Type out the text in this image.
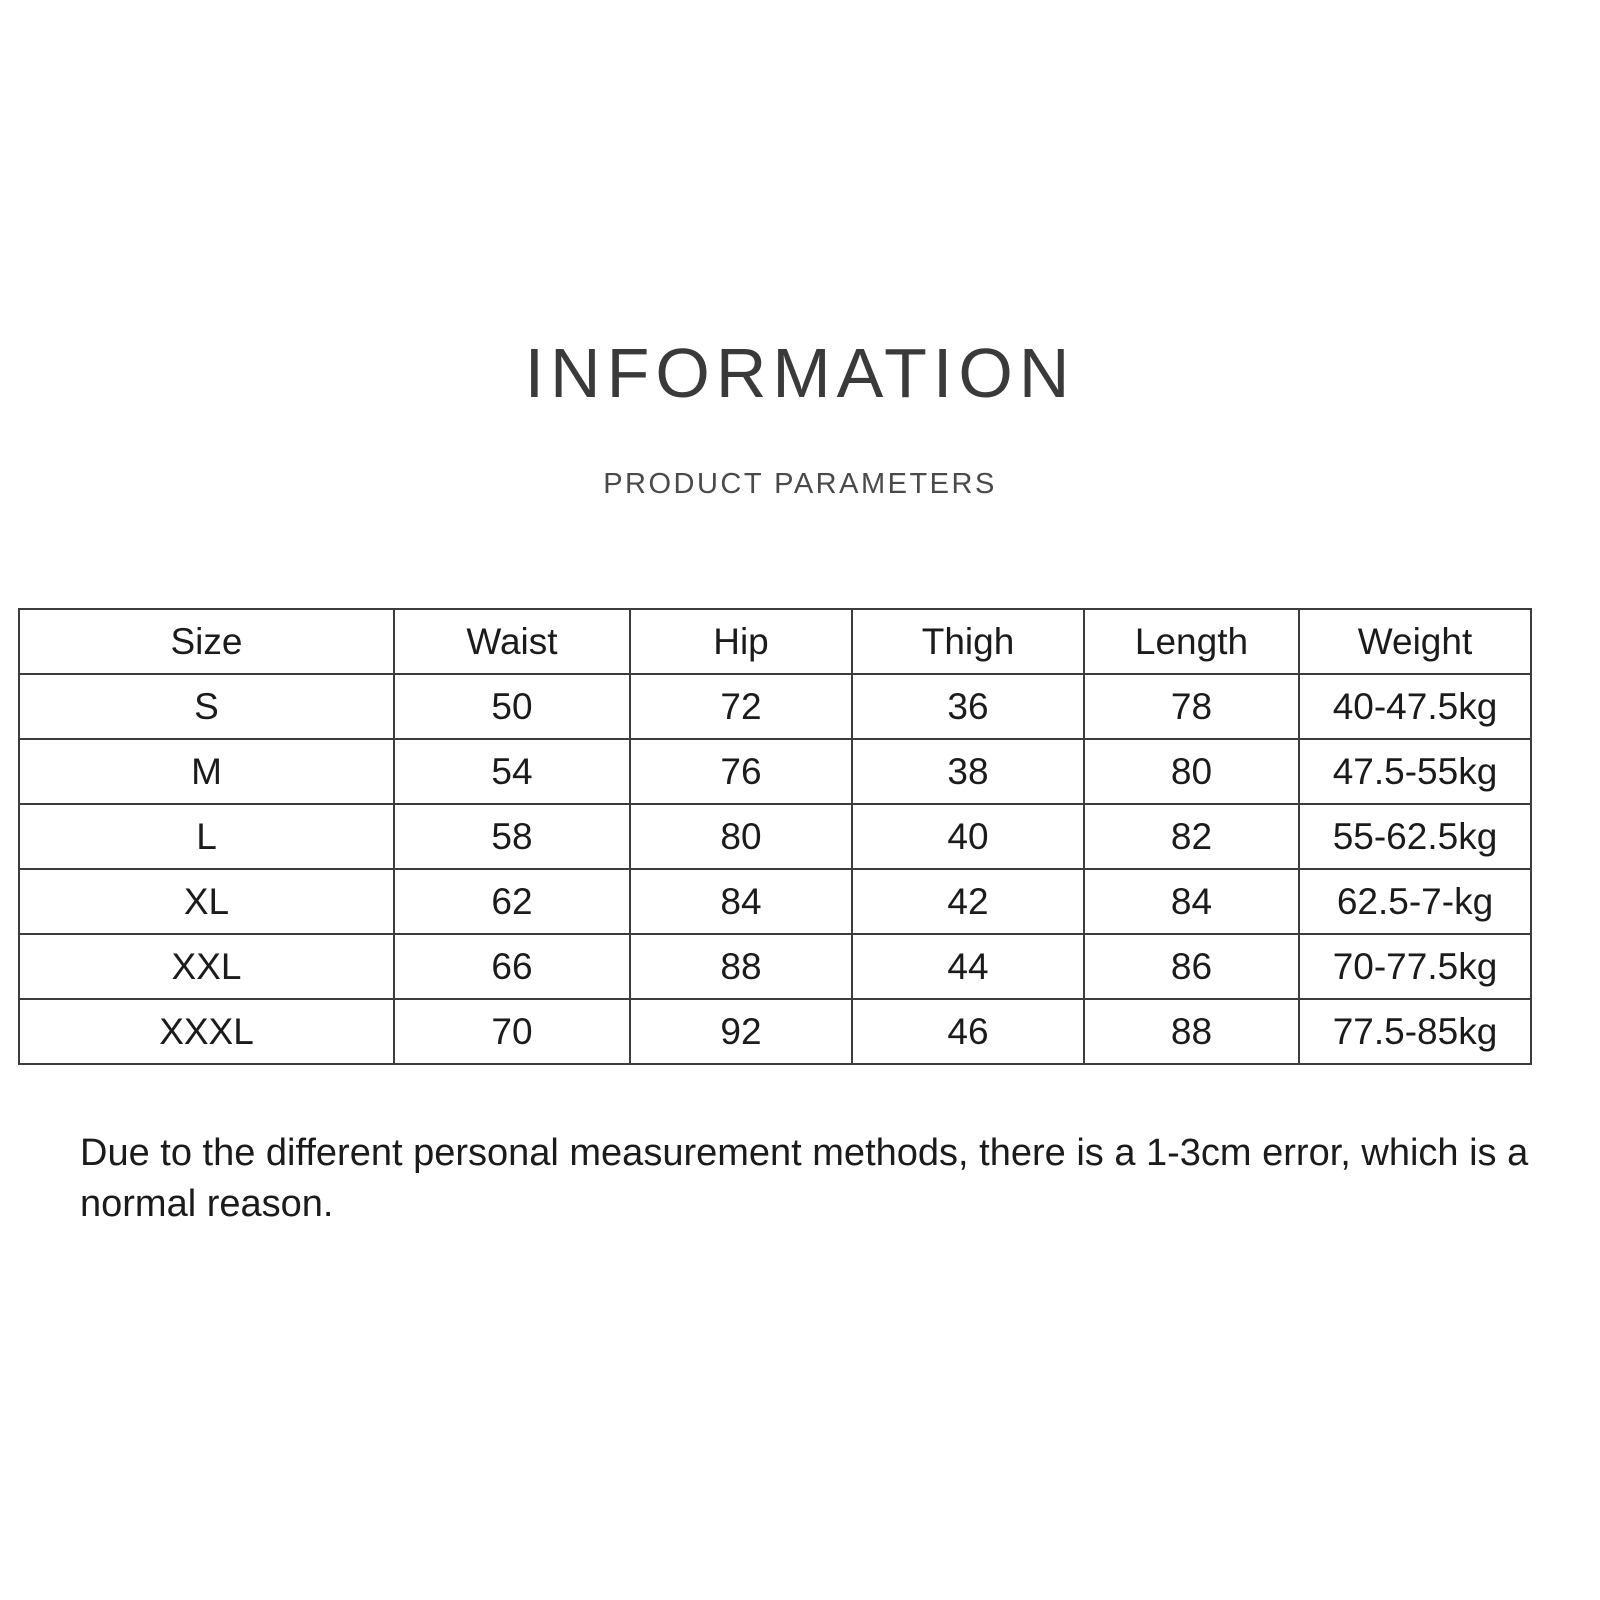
INFORMATION
PRODUCT PARAMETERS
Size	Waist	Hip	Thigh	Length	Weight
S	50	72	36	78	40-47.5kg
M	54	76	38	80	47.5-55kg
L	58	80	40	82	55-62.5kg
XL	62	84	42	84	62.5-7-kg
XXL	66	88	44	86	70-77.5kg
XXXL	70	92	46	88	77.5-85kg
Due to the different personal measurement methods, there is a 1-3cm error, which is a normal reason.
